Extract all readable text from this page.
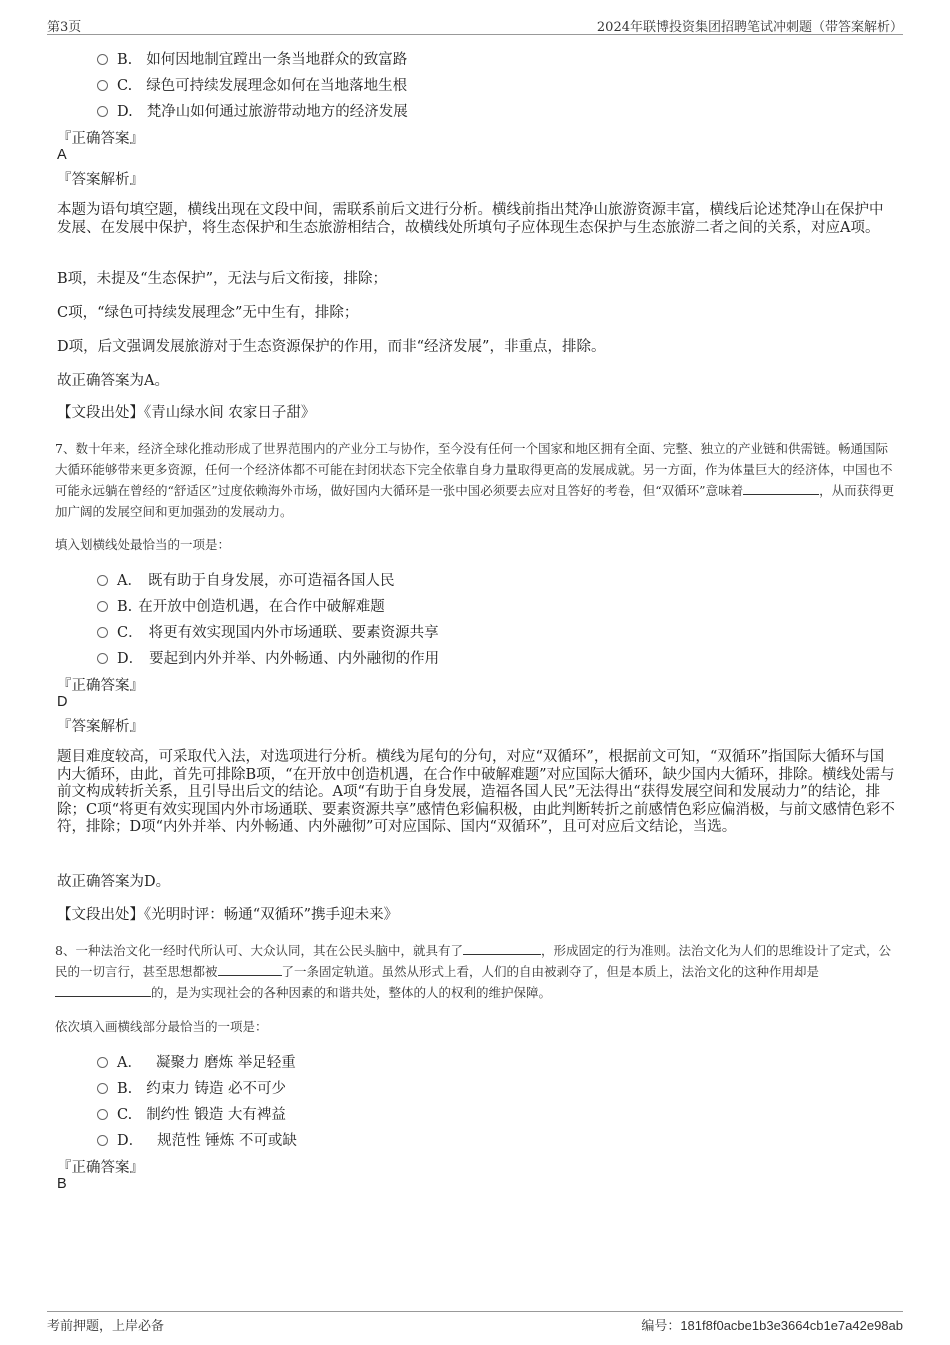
第3页	2024年联博投资集团招聘笔试冲刺题（带答案解析）
B. 如何因地制宜蹚出一条当地群众的致富路
C. 绿色可持续发展理念如何在当地落地生根
D. 梵净山如何通过旅游带动地方的经济发展
『正确答案』
A
『答案解析』
本题为语句填空题，横线出现在文段中间，需联系前后文进行分析。横线前指出梵净山旅游资源丰富，横线后论述梵净山在保护中发展、在发展中保护，将生态保护和生态旅游相结合，故横线处所填句子应体现生态保护与生态旅游二者之间的关系，对应A项。
B项，未提及“生态保护”，无法与后文衔接，排除；
C项，“绿色可持续发展理念”无中生有，排除；
D项，后文强调发展旅游对于生态资源保护的作用，而非“经济发展”，非重点，排除。
故正确答案为A。
【文段出处】《青山绿水间 农家日子甜》
7、数十年来，经济全球化推动形成了世界范围内的产业分工与协作，至今没有任何一个国家和地区拥有全面、完整、独立的产业链和供需链。畅通国际大循环能够带来更多资源，任何一个经济体都不可能在封闭状态下完全依靠自身力量取得更高的发展成就。另一方面，作为体量巨大的经济体，中国也不可能永远躺在曾经的“舒适区”过度依赖海外市场，做好国内大循环是一张中国必须要去应对且答好的考卷，但“双循环”意味着	，从而获得更加广阔的发展空间和更加强劲的发展动力。
填入划横线处最恰当的一项是：
A． 既有助于自身发展，亦可造福各国人民
B. 在开放中创造机遇，在合作中破解难题
C． 将更有效实现国内外市场通联、要素资源共享
D． 要起到内外并举、内外畅通、内外融彻的作用
『正确答案』
D
『答案解析』
题目难度较高，可采取代入法，对选项进行分析。横线为尾句的分句，对应“双循环”，根据前文可知，“双循环”指国际大循环与国内大循环，由此，首先可排除B项，“在开放中创造机遇，在合作中破解难题”对应国际大循环，缺少国内大循环，排除。横线处需与前文构成转折关系，且引导出后文的结论。A项“有助于自身发展，造福各国人民”无法得出“获得发展空间和发展动力”的结论，排除；C项“将更有效实现国内外市场通联、要素资源共享”感情色彩偏积极，由此判断转折之前感情色彩应偏消极，与前文感情色彩不符，排除；D项“内外并举、内外畅通、内外融彻”可对应国际、国内“双循环”，且可对应后文结论，当选。
故正确答案为D。
【文段出处】《光明时评：畅通“双循环”携手迎未来》
8、一种法治文化一经时代所认可、大众认同，其在公民头脑中，就具有了	，形成固定的行为准则。法治文化为人们的思维设计了定式，公民的一切言行，甚至思想都被	了一条固定轨道。虽然从形式上看，人们的自由被剥夺了，但是本质上，法治文化的这种作用却是的，是为实现社会的各种因素的和谐共处，整体的人的权利的维护保障。
依次填入画横线部分最恰当的一项是：
A． 凝聚力 磨炼 举足轻重
B. 约束力 铸造 必不可少
C. 制约性 锻造 大有裨益
D． 规范性 锤炼 不可或缺
『正确答案』
B
考前押题，上岸必备	编号：181f8f0acbe1b3e3664cb1e7a42e98ab
